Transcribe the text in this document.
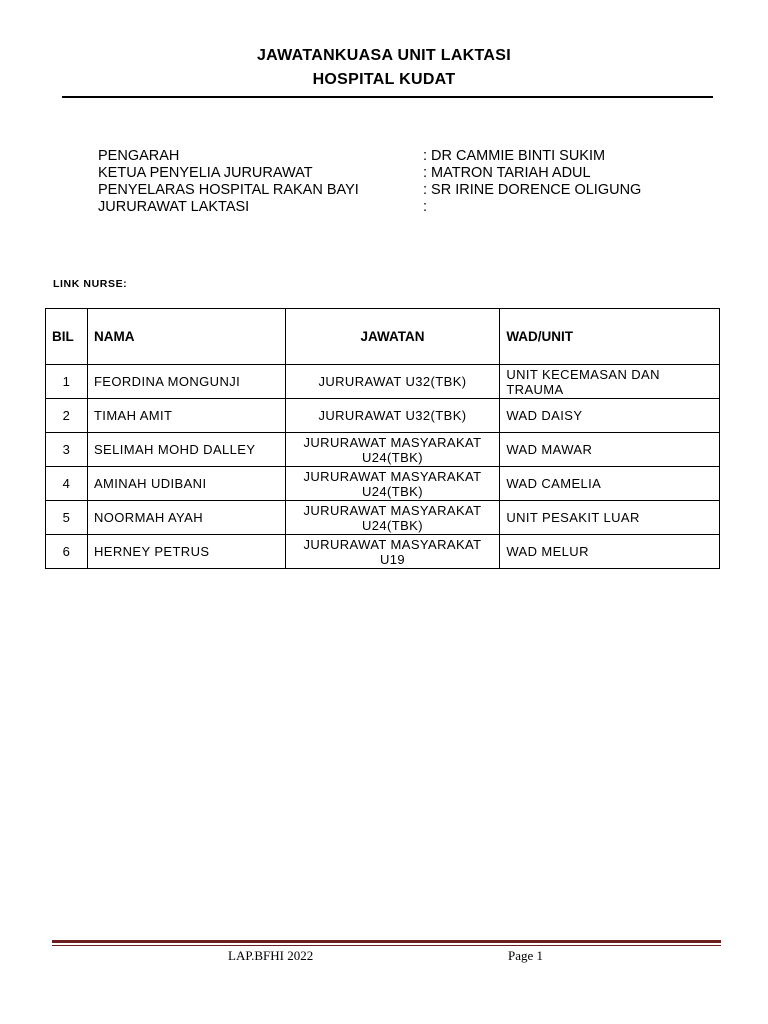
JAWATANKUASA UNIT LAKTASI
HOSPITAL KUDAT
PENGARAH	: DR CAMMIE BINTI SUKIM
KETUA PENYELIA JURURAWAT	: MATRON TARIAH ADUL
PENYELARAS HOSPITAL RAKAN BAYI	: SR IRINE DORENCE OLIGUNG
JURURAWAT LAKTASI	:
LINK NURSE:
BIL	NAMA	JAWATAN	WAD/UNIT
1	FEORDINA MONGUNJI	JURURAWAT U32(TBK)	UNIT KECEMASAN DAN TRAUMA
2	TIMAH AMIT	JURURAWAT U32(TBK)	WAD DAISY
3	SELIMAH MOHD DALLEY	JURURAWAT MASYARAKAT U24(TBK)	WAD MAWAR
4	AMINAH UDIBANI	JURURAWAT MASYARAKAT U24(TBK)	WAD CAMELIA
5	NOORMAH AYAH	JURURAWAT MASYARAKAT U24(TBK)	UNIT PESAKIT LUAR
6	HERNEY PETRUS	JURURAWAT MASYARAKAT U19	WAD MELUR
LAP.BFHI 2022	Page 1
